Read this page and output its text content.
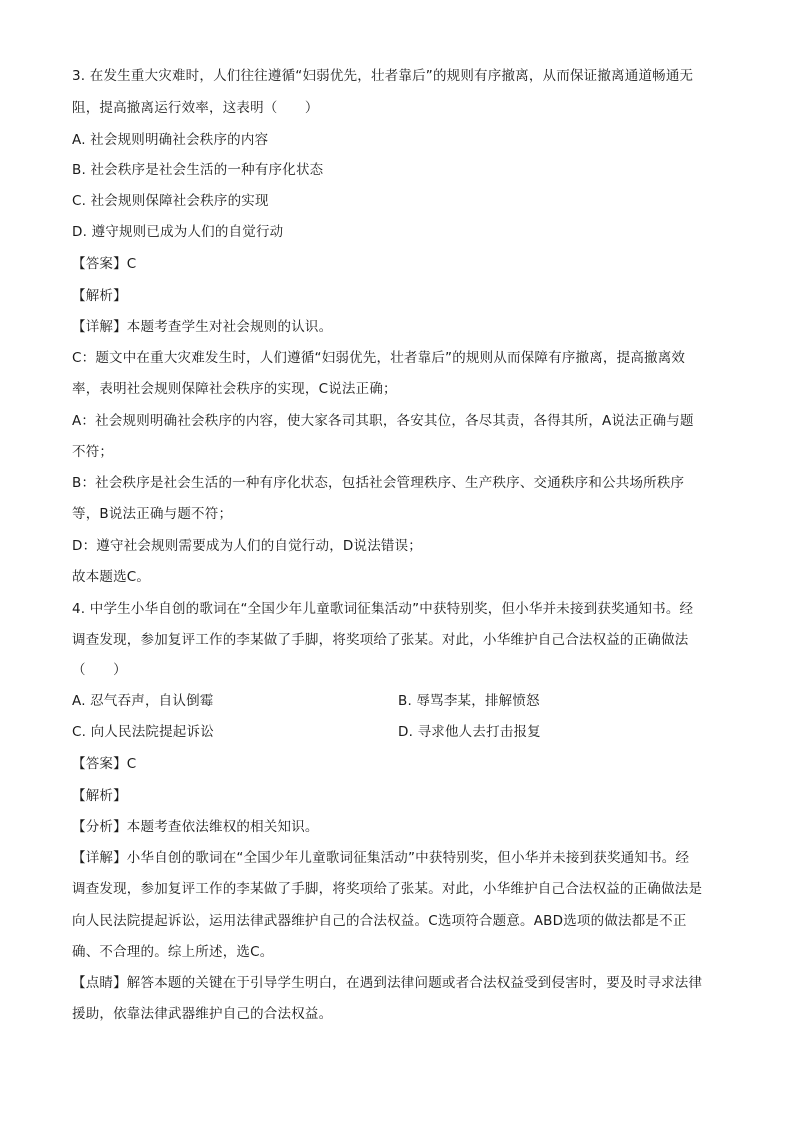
3. 在发生重大灾难时，人们往往遵循“妇弱优先，壮者靠后”的规则有序撤离，从而保证撤离通道畅通无
阻，提高撤离运行效率，这表明（　　）
A. 社会规则明确社会秩序的内容
B. 社会秩序是社会生活的一种有序化状态
C. 社会规则保障社会秩序的实现
D. 遵守规则已成为人们的自觉行动
【答案】C
【解析】
【详解】本题考查学生对社会规则的认识。
C：题文中在重大灾难发生时，人们遵循“妇弱优先，壮者靠后”的规则从而保障有序撤离，提高撤离效
率，表明社会规则保障社会秩序的实现，C说法正确；
A：社会规则明确社会秩序的内容，使大家各司其职，各安其位，各尽其责，各得其所，A说法正确与题
不符；
B：社会秩序是社会生活的一种有序化状态，包括社会管理秩序、生产秩序、交通秩序和公共场所秩序
等，B说法正确与题不符；
D：遵守社会规则需要成为人们的自觉行动，D说法错误；
故本题选C。
4. 中学生小华自创的歌词在“全国少年儿童歌词征集活动”中获特别奖，但小华并未接到获奖通知书。经
调查发现，参加复评工作的李某做了手脚，将奖项给了张某。对此，小华维护自己合法权益的正确做法
（　　）
A. 忍气吞声，自认倒霉	B. 辱骂李某，排解愤怒
C. 向人民法院提起诉讼	D. 寻求他人去打击报复
【答案】C
【解析】
【分析】本题考查依法维权的相关知识。
【详解】小华自创的歌词在“全国少年儿童歌词征集活动”中获特别奖，但小华并未接到获奖通知书。经
调查发现，参加复评工作的李某做了手脚，将奖项给了张某。对此，小华维护自己合法权益的正确做法是
向人民法院提起诉讼，运用法律武器维护自己的合法权益。C选项符合题意。ABD选项的做法都是不正
确、不合理的。综上所述，选C。
【点睛】解答本题的关键在于引导学生明白，在遇到法律问题或者合法权益受到侵害时，要及时寻求法律
援助，依靠法律武器维护自己的合法权益。
